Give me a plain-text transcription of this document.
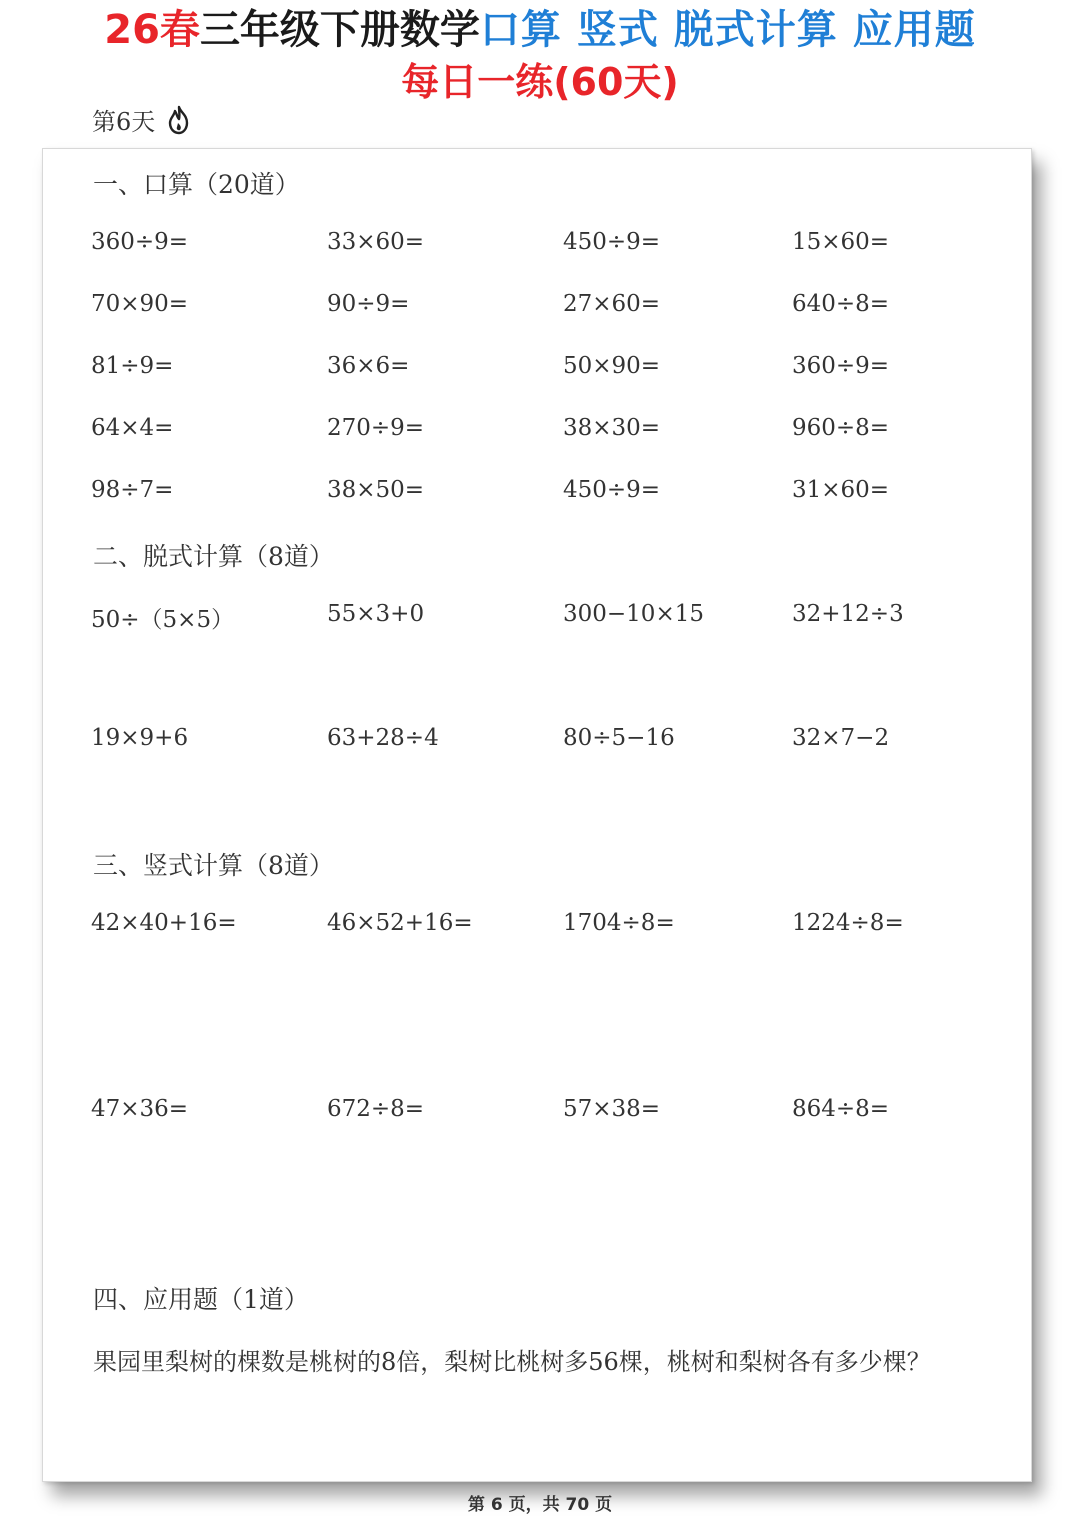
26春三年级下册数学口算 竖式 脱式计算 应用题
每日一练(60天)
第6天
一、口算（20道）
360÷9=	33×60=	450÷9=	15×60=
70×90=	90÷9=	27×60=	640÷8=
81÷9=	36×6=	50×90=	360÷9=
64×4=	270÷9=	38×30=	960÷8=
98÷7=	38×50=	450÷9=	31×60=
二、脱式计算（8道）
50÷（5×5）	55×3+0	300−10×15	32+12÷3
19×9+6	63+28÷4	80÷5−16	32×7−2
三、竖式计算（8道）
42×40+16=	46×52+16=	1704÷8=	1224÷8=
47×36=	672÷8=	57×38=	864÷8=
四、应用题（1道）
果园里梨树的棵数是桃树的8倍，梨树比桃树多56棵，桃树和梨树各有多少棵？
第 6 页，共 70 页
